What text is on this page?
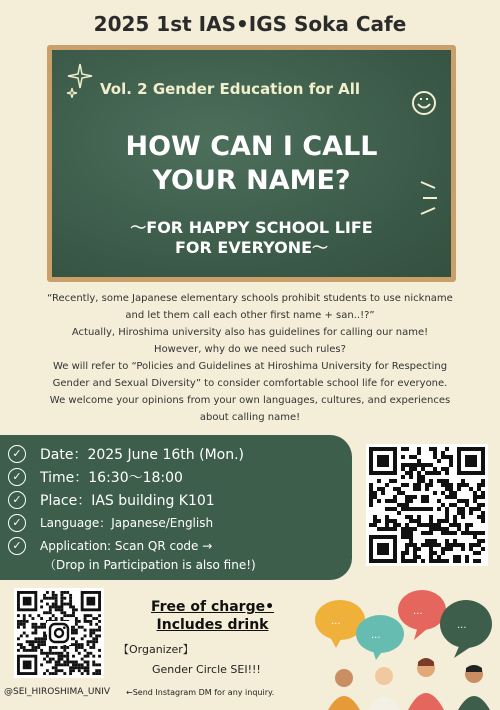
2025 1st IAS•IGS Soka Cafe
Vol. 2 Gender Education for All
HOW CAN I CALL
YOUR NAME?
〜FOR HAPPY SCHOOL LIFE
FOR EVERYONE〜
“Recently, some Japanese elementary schools prohibit students to use nickname
and let them call each other first name + san..!?”
Actually, Hiroshima university also has guidelines for calling our name!
However, why do we need such rules?
We will refer to “Policies and Guidelines at Hiroshima University for Respecting
Gender and Sexual Diversity” to consider comfortable school life for everyone.
We welcome your opinions from your own languages, cultures, and experiences
about calling name!
✓	Date：2025 June 16th (Mon.)
✓	Time：16:30〜18:00
✓	Place：IAS building K101
✓	Language：Japanese/English
✓	Application: Scan QR code →
（Drop in Participation is also fine!)
@SEI_HIROSHIMA_UNIV
Free of charge•
Includes drink
【Organizer】
Gender Circle SEI!!!
←Send Instagram DM for any inquiry.
...
...
...
...
